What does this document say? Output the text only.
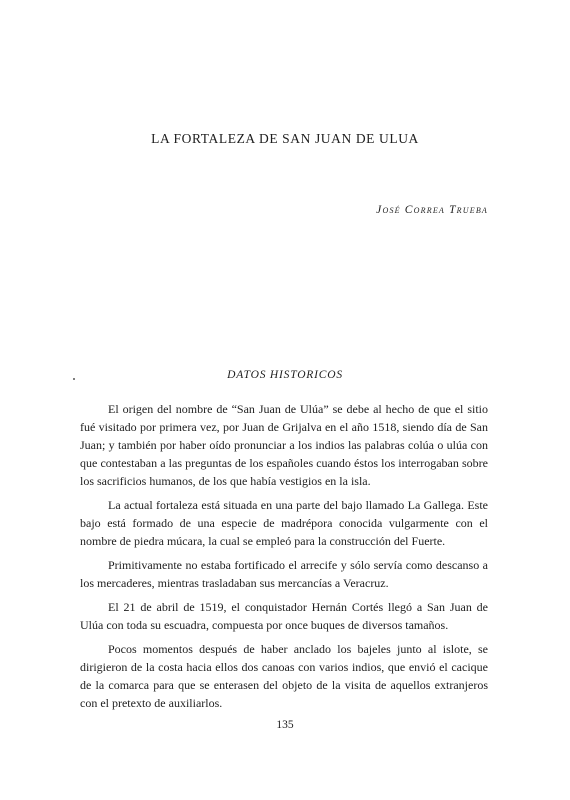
LA FORTALEZA DE SAN JUAN DE ULUA

José Correa Trueba

DATOS HISTORICOS

El origen del nombre de “San Juan de Ulúa” se debe al hecho de que el sitio fué visitado por primera vez, por Juan de Grijalva en el año 1518, siendo día de San Juan; y también por haber oído pronunciar a los indios las palabras colúa o ulúa con que contestaban a las preguntas de los españoles cuando éstos los interrogaban sobre los sacrificios humanos, de los que había vestigios en la isla.

La actual fortaleza está situada en una parte del bajo llamado La Gallega. Este bajo está formado de una especie de madrépora conocida vulgarmente con el nombre de piedra múcara, la cual se empleó para la construcción del Fuerte.

Primitivamente no estaba fortificado el arrecife y sólo servía como descanso a los mercaderes, mientras trasladaban sus mercancías a Veracruz.

El 21 de abril de 1519, el conquistador Hernán Cortés llegó a San Juan de Ulúa con toda su escuadra, compuesta por once buques de diversos tamaños.

Pocos momentos después de haber anclado los bajeles junto al islote, se dirigieron de la costa hacia ellos dos canoas con varios indios, que envió el cacique de la comarca para que se enterasen del objeto de la visita de aquellos extranjeros con el pretexto de auxiliarlos.

135
